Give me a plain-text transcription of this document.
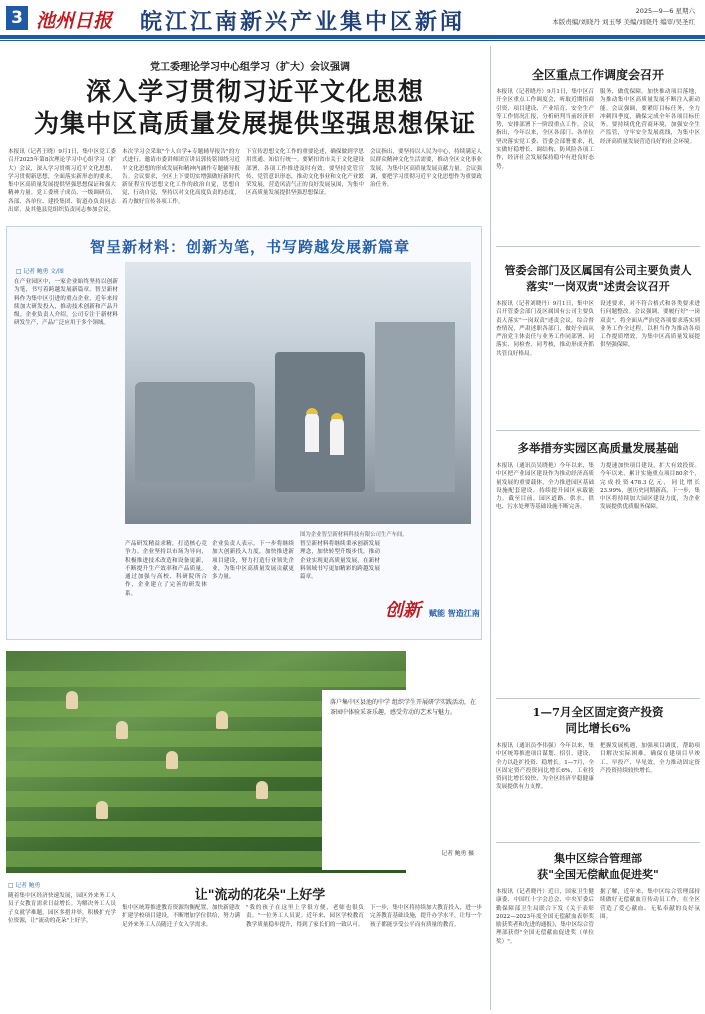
3 池州日报 皖江江南新兴产业集中区新闻	2025—9—6 星期六
本版责编/刘晓丹 刘玉琴 美编/刘晓丹 编审/吴圣红
党工委理论学习中心组学习（扩大）会议强调
深入学习贯彻习近平文化思想
为集中区高质量发展提供坚强思想保证
本报讯（记者王晓）9月1日，集中区党工委召开2025年第8次理论学习中心组学习（扩大）会议，深入学习贯彻习近平文化思想，学习贯彻新思想，全面落实新形态的要求。集中区高质量发展提供坚强思想保证和强大精神力量。党工委班子成员、一级调研员，各部、各单位、建投集团、街道办负责同志出席，及其他县党组织负责同志参加会议。
本次学习会采取"个人自学+专题辅导报告"的方式进行。邀请市委讲师团宣讲员郭传铭围绕习近平文化思想的形成发展和精神内涵作专题辅导报告。会议要求，全区上下要切实增强做好新时代新征程宣传思想文化工作的政治自觉，思想自觉，行动自觉，坚持以对文化高度负责的态度，着力做好宣传各项工作。
下宣传思想文化工作的重要论述，确保做到学思用贯通、知信行统一。要紧扣省市关于文化建设部署，各项工作推进及时有效。要坚持党管宣传、党管意识形态，推动文化事业和文化产业繁荣发展，营造风清气正的良好发展氛围，为集中区高质量发展提供坚强思想保证。
会议指出，要坚持以人民为中心，持续满足人民群众精神文化生活需要，推动全区文化事业发展，为集中区高质量发展贡献力量。会议强调，要把学习贯彻习近平文化思想作为重要政治任务。
全区重点工作调度会召开
本报讯（记者晓丹）9月1日，集中区召开全区重点工作调度会，听取近期招商引资、项目建设、产业培育、安全生产等工作情况汇报，分析研判当前经济形势，安排部署下一阶段重点工作。会议指出，今年以来，全区各部门、各单位坚决落实党工委、管委会部署要求，扎实做好稳增长、调结构、防风险各项工作，经济社会发展保持稳中有进良好态势。
服务，做优保障。加快推动项目落地，为推动集中区高质量发展不断注入新动能。会议强调，要紧盯目标任务，全力冲刺四季度，确保完成全年各项目标任务。要持续优化营商环境，加强安全生产监管，守牢安全发展底线，为集中区经济高质量发展营造良好的社会环境。
管委会部门及区属国有公司主要负责人
落实"一岗双责"述责会议召开
本报讯（记者刘晓丹）9月1日，集中区召开管委会部门及区属国有公司主要负责人落实"一岗双责"述责会议，综合督查情况，严肃述职各部门，做好全面从严治党主体责任与业务工作同部署、同落实、同检查、同考核，推动形成齐抓共管良好格局。
设述要求，对不符合格式和各类要求进行问题整改。会议强调，要履行好"一岗双责"，将全面从严治党各项要求落实到业务工作全过程，以担当作为推动各项工作提质增效，为集中区高质量发展提供坚强保障。
多举措夯实园区高质量发展基础
本报讯（通讯员吴晓艳）今年以来，集中区把产业园区建设作为推动经济高质量发展的重要载体，全力推进园区基础设施配套建设，持续提升园区承载能力。截至目前，园区道路、供水、供电、污水处理等基础设施不断完善。
力提速加快项目建设，扩大有效投资。今年以来，累计实施重点项目80余个，完成投资478.3亿元，同比增长23.99%，创历史同期新高。下一步，集中区将持续加大园区建设力度，为企业发展提供优质服务保障。
1—7月全区固定资产投资
同比增长6%
本报讯（通讯员李伟强）今年以来，集中区统筹推进项目谋划、招引、建设，全力以赴扩投资、稳增长。1—7月，全区固定资产投资同比增长6%，工业投资同比增长较快，为全区经济平稳健康发展提供有力支撑。
把握发展机遇，加强项目调度，帮助项目解决实际困难，确保在建项目早竣工、早投产、早见效，全力推动固定资产投资持续较快增长。
集中区综合管理部
获"全国无偿献血促进奖"
本报讯（记者晓丹）近日，国家卫生健康委、中国红十字会总会、中央军委后勤保障部卫生局联合下发《关于表彰2022—2023年度全国无偿献血表彰奖励获奖者和先进的通报》，集中区综合管理部获得"全国无偿献血促进奖（单位奖）"。
据了解，近年来，集中区综合管理部持续做好无偿献血宣传动员工作，在全区营造了爱心献血、无私奉献的良好氛围。
智呈新材料：创新为笔，书写跨越发展新篇章
□ 记者 鲍勇 文/图
在产业园区中，一家企业始终坚持以创新为笔，书写着跨越发展新篇章。智呈新材料作为集中区引进的重点企业，近年来持续加大研发投入，推动技术创新和产品升级。企业负责人介绍，公司专注于新材料研发生产，产品广泛应用于多个领域。
图为企业智呈新材料科技有限公司生产车间。
产品研发精益求精，打造核心竞争力。企业坚持以市场为导向，积极推进技术改造和设备更新，不断提升生产效率和产品质量。通过加强与高校、科研院所合作，企业建立了完善的研发体系。
企业负责人表示，下一步将继续加大创新投入力度，加快推进新项目建设，努力打造行业领先企业，为集中区高质量发展贡献更多力量。
智呈新材料将继续秉承创新发展理念，加快转型升级步伐，推动企业实现更高质量发展，在新材料领域书写更加精彩的跨越发展篇章。
创新 赋能 智造江南
落户集中区县池的中学 组织学生开展研学实践活动，在茶园中体验采茶乐趣，感受劳动的艺术与魅力。
记者 鲍勇 摄
让"流动的花朵"上好学
□ 记者 鲍勇
随着集中区经济快速发展，园区外来务工人员子女教育需求日益增长。为解决务工人员子女就学难题，园区多措并举，积极扩充学位资源，让"流动的花朵"上好学。
集中区统筹推进教育资源均衡配置，加快新建改扩建学校项目建设，不断增加学位供给，努力满足外来务工人员随迁子女入学需求。
"我的孩子在这里上学很方便，老师也很负责。"一位务工人员说。近年来，园区学校教育教学质量稳步提升，得到了家长们的一致认可。
下一步，集中区将持续加大教育投入，进一步完善教育基础设施，提升办学水平，让每一个孩子都能享受公平而有质量的教育。
